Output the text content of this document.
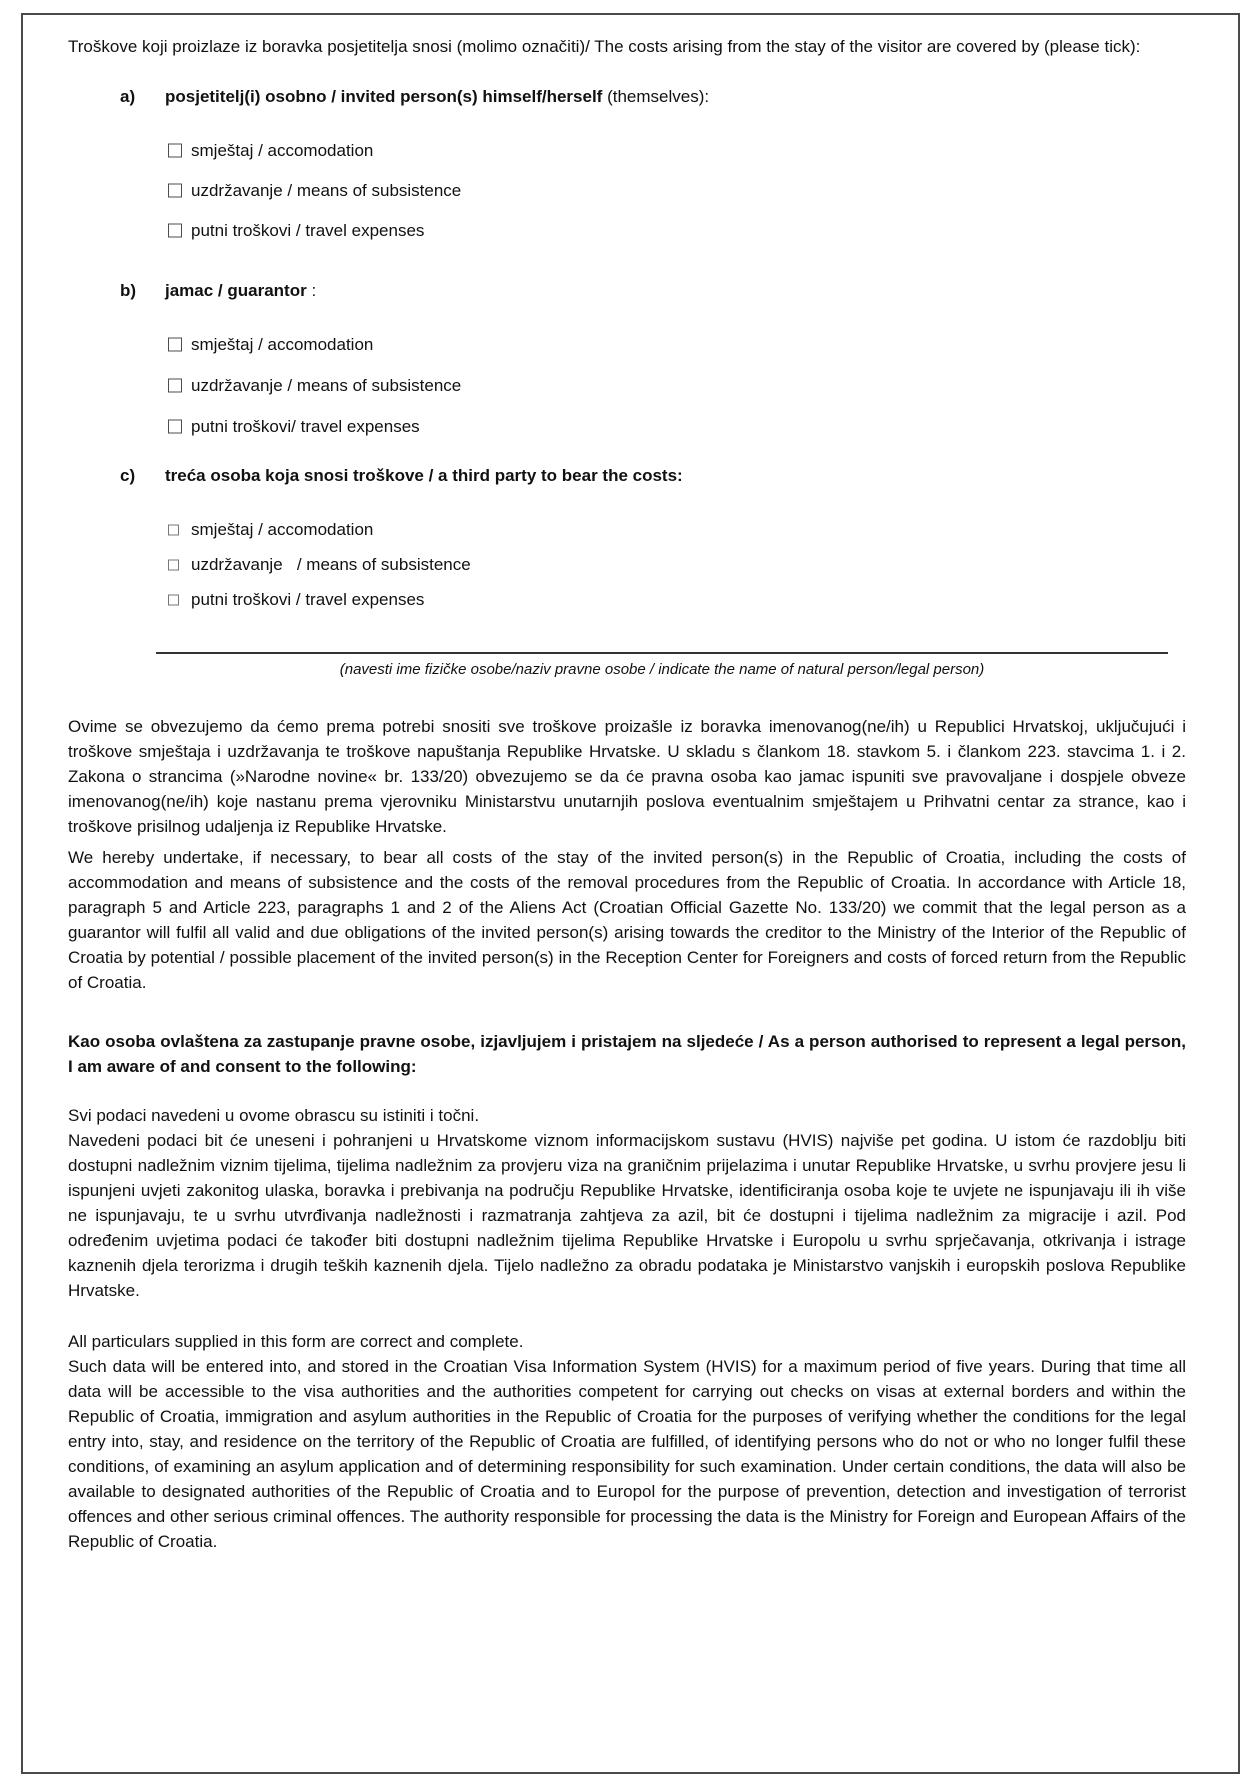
Troškove koji proizlaze iz boravka posjetitelja snosi (molimo označiti)/ The costs arising from the stay of the visitor are covered by (please tick):

a) posjetitelj(i) osobno / invited person(s) himself/herself (themselves):
smještaj / accomodation
uzdržavanje / means of subsistence
putni troškovi / travel expenses
b) jamac / guarantor :
smještaj / accomodation
uzdržavanje / means of subsistence
putni troškovi/ travel expenses
c) treća osoba koja snosi troškove / a third party to bear the costs:
smještaj / accomodation
uzdržavanje   / means of subsistence
putni troškovi / travel expenses
(navesti ime fizičke osobe/naziv pravne osobe / indicate the name of natural person/legal person)

Ovime se obvezujemo da ćemo prema potrebi snositi sve troškove proizašle iz boravka imenovanog(ne/ih) u Republici Hrvatskoj, uključujući i troškove smještaja i uzdržavanja te troškove napuštanja Republike Hrvatske. U skladu s člankom 18. stavkom 5. i člankom 223. stavcima 1. i 2. Zakona o strancima (»Narodne novine« br. 133/20) obvezujemo se da će pravna osoba kao jamac ispuniti sve pravovaljane i dospjele obveze imenovanog(ne/ih) koje nastanu prema vjerovniku Ministarstvu unutarnjih poslova eventualnim smještajem u Prihvatni centar za strance, kao i troškove prisilnog udaljenja iz Republike Hrvatske.

We hereby undertake, if necessary, to bear all costs of the stay of the invited person(s) in the Republic of Croatia, including the costs of accommodation and means of subsistence and the costs of the removal procedures from the Republic of Croatia. In accordance with Article 18, paragraph 5 and Article 223, paragraphs 1 and 2 of the Aliens Act (Croatian Official Gazette No. 133/20) we commit that the legal person as a guarantor will fulfil all valid and due obligations of the invited person(s) arising towards the creditor to the Ministry of the Interior of the Republic of Croatia by potential / possible placement of the invited person(s) in the Reception Center for Foreigners and costs of forced return from the Republic of Croatia.

Kao osoba ovlaštena za zastupanje pravne osobe, izjavljujem i pristajem na sljedeće / As a person authorised to represent a legal person, I am aware of and consent to the following:

Svi podaci navedeni u ovome obrascu su istiniti i točni.
Navedeni podaci bit će uneseni i pohranjeni u Hrvatskome viznom informacijskom sustavu (HVIS) najviše pet godina. U istom će razdoblju biti dostupni nadležnim viznim tijelima, tijelima nadležnim za provjeru viza na graničnim prijelazima i unutar Republike Hrvatske, u svrhu provjere jesu li ispunjeni uvjeti zakonitog ulaska, boravka i prebivanja na području Republike Hrvatske, identificiranja osoba koje te uvjete ne ispunjavaju ili ih više ne ispunjavaju, te u svrhu utvrđivanja nadležnosti i razmatranja zahtjeva za azil, bit će dostupni i tijelima nadležnim za migracije i azil. Pod određenim uvjetima podaci će također biti dostupni nadležnim tijelima Republike Hrvatske i Europolu u svrhu sprječavanja, otkrivanja i istrage kaznenih djela terorizma i drugih teških kaznenih djela. Tijelo nadležno za obradu podataka je Ministarstvo vanjskih i europskih poslova Republike Hrvatske.

All particulars supplied in this form are correct and complete.
Such data will be entered into, and stored in the Croatian Visa Information System (HVIS) for a maximum period of five years. During that time all data will be accessible to the visa authorities and the authorities competent for carrying out checks on visas at external borders and within the Republic of Croatia, immigration and asylum authorities in the Republic of Croatia for the purposes of verifying whether the conditions for the legal entry into, stay, and residence on the territory of the Republic of Croatia are fulfilled, of identifying persons who do not or who no longer fulfil these conditions, of examining an asylum application and of determining responsibility for such examination. Under certain conditions, the data will also be available to designated authorities of the Republic of Croatia and to Europol for the purpose of prevention, detection and investigation of terrorist offences and other serious criminal offences. The authority responsible for processing the data is the Ministry for Foreign and European Affairs of the Republic of Croatia.
